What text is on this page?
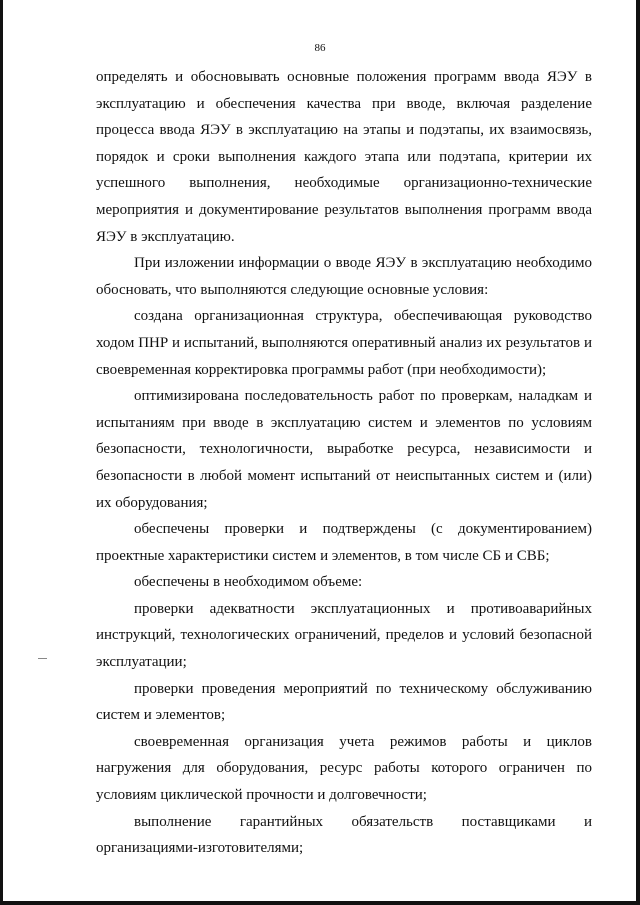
86

определять и обосновывать основные положения программ ввода ЯЭУ в эксплуатацию и обеспечения качества при вводе, включая разделение процесса ввода ЯЭУ в эксплуатацию на этапы и подэтапы, их взаимосвязь, порядок и сроки выполнения каждого этапа или подэтапа, критерии их успешного выполнения, необходимые организационно-технические мероприятия и документирование результатов выполнения программ ввода ЯЭУ в эксплуатацию.

При изложении информации о вводе ЯЭУ в эксплуатацию необходимо обосновать, что выполняются следующие основные условия:

создана организационная структура, обеспечивающая руководство ходом ПНР и испытаний, выполняются оперативный анализ их результатов и своевременная корректировка программы работ (при необходимости);

оптимизирована последовательность работ по проверкам, наладкам и испытаниям при вводе в эксплуатацию систем и элементов по условиям безопасности, технологичности, выработке ресурса, независимости и безопасности в любой момент испытаний от неиспытанных систем и (или) их оборудования;

обеспечены проверки и подтверждены (с документированием) проектные характеристики систем и элементов, в том числе СБ и СВБ;

обеспечены в необходимом объеме:

проверки адекватности эксплуатационных и противоаварийных инструкций, технологических ограничений, пределов и условий безопасной эксплуатации;

проверки проведения мероприятий по техническому обслуживанию систем и элементов;

своевременная организация учета режимов работы и циклов нагружения для оборудования, ресурс работы которого ограничен по условиям циклической прочности и долговечности;

выполнение гарантийных обязательств поставщиками и организациями-изготовителями;
